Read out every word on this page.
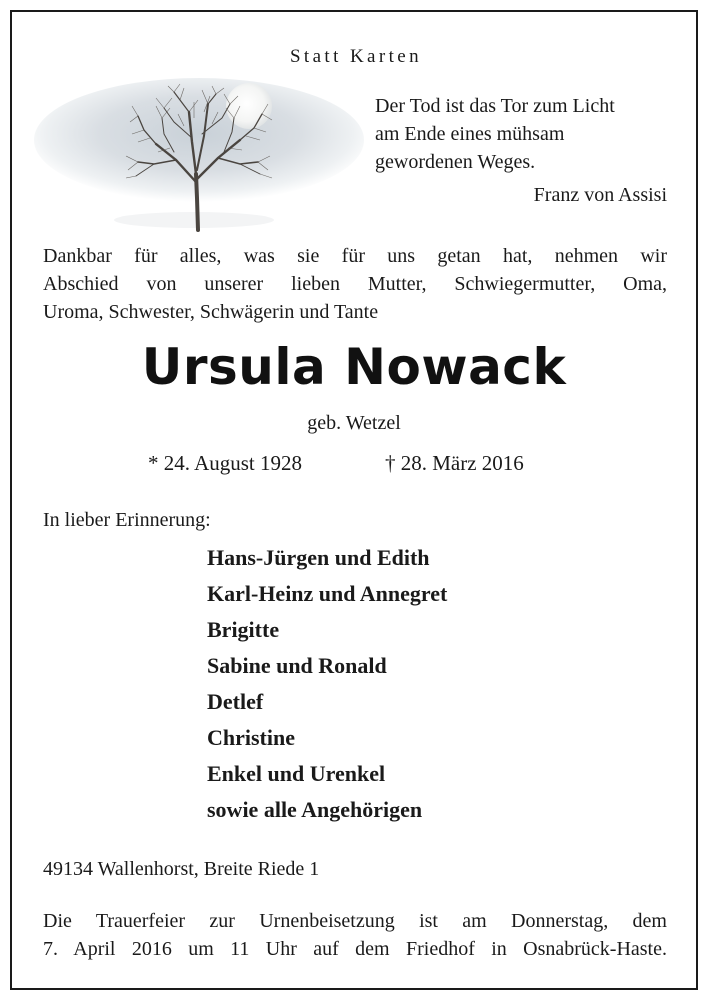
Statt Karten
Der Tod ist das Tor zum Licht
am Ende eines mühsam
gewordenen Weges.
Franz von Assisi
Dankbar für alles, was sie für uns getan hat, nehmen wir
Abschied von unserer lieben Mutter, Schwiegermutter, Oma,
Uroma, Schwester, Schwägerin und Tante
Ursula Nowack
geb. Wetzel
* 24. August 1928	† 28. März 2016
In lieber Erinnerung:
Hans-Jürgen und Edith
Karl-Heinz und Annegret
Brigitte
Sabine und Ronald
Detlef
Christine
Enkel und Urenkel
sowie alle Angehörigen
49134 Wallenhorst, Breite Riede 1
Die Trauerfeier zur Urnenbeisetzung ist am Donnerstag, dem
7. April 2016 um 11 Uhr auf dem Friedhof in Osnabrück-Haste.
